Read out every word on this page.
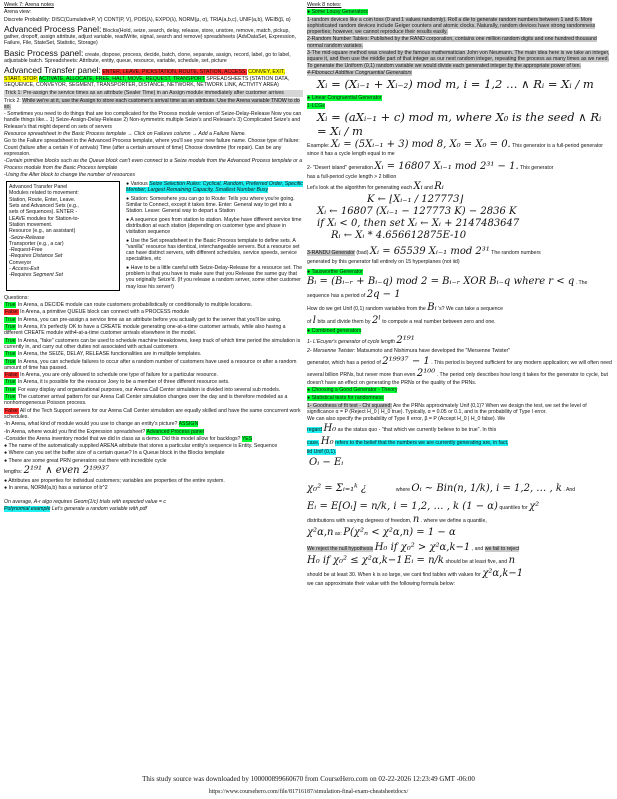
Week 7: Arena notes
Arena view:
Discrete Probability: DISC(CumulativeP, V) CONT(P, V), POIS(λ), EXPO(λ), NORM(μ, σ), TRIA(a,b,c), UNIF(a,b), WEIB(β, α)
Advanced Process Panel: Blocks(Hold, seize, search, delay, release, store, unstore, remove, match, pickup, gather, dropoff, assign attribute, adjust variable, readWrite, signal, search and remove) spreadsheets (AdvDataSet, Expression, Failure, File, StateSet, Statistic, Storage)
Basic Process panel: create, dispose, process, decide, batch, clone, separate, assign, record, label, go to label, adjustable batch. Spreadsheets: Attribute, entity, queue, resource, variable, schedule, set, picture
Advanced Transfer panel: ENTER, LEAVE, PICKSTATION, ROUTE, STATION, ACCESS, CONVEY, EXIT, START, STOP, ACTIVATE, ALLOCATE, FREE, HALT, MOVE, REQUEST, TRANSPORT SPREADSHEETS (STATION DATA, SEQUENCE, CONVEYOR, SEGMENT, TRANSPORTER, DISTANCE, NETWORK, NETWORK LINK, ACTIVITY AREA)
Trick 1: Pre-assign the service times as an attribute (Sealer Time) in an Assign module immediately after customer arrives
Trick 2: While we're at it, use the Assign to store each customer's arrival time as an attribute. Use the Arena variable TNOW to do so.
- Sometimes you need to do things that are too complicated for the Process module version of Seize-Delay-Release Now you can handle things like... 1) Seize-Assign-Delay-Release 2) Non-symmetric multiple Seize's and Release's 3) Complicated Seize's and Release's that might depend on sets of servers
Resource spreadsheet in the Basic Process template → Click on Failures column → Add a Failure Name.
Go to the Failure spreadsheet in the Advanced Process template, where you'll see your new failure name. Choose type of failure: Count (failure after a certain # of arrivals) Time (after a certain amount of time) Choose downtime (for repair). Can be any expression.
-Certain primitive blocks such as the Queue block can't even connect to a Seize module from the Advanced Process template or a Process module from the Basic Process template
-Using the Alter block to change the number of resources
Advanced Transfer Panel
Modules related to movement:
Station, Route, Enter, Leave.
Sets and Advanced Sets (e.g.,
sets of Sequences). ENTER -
LEAVE modules for Station-to-
Station movement.
Resource (e.g., an assistant)
-Seize-Release
Transporter (e.g., a car)
-Request-Free
-Requires Distance Set
Conveyor
- Access-Exit
-Requires Segment Set
● Various Seize Selection Rules: Cyclical, Random, Preferred Order, Specific Member, Largest Remaining Capacity, Smallest Number Busy
● Station: Somewhere you can go to Route: Tells you where you're going. Similar to Connect, except it takes time. Enter: General way to get into a Station. Leave: General way to depart a Station
● A sequence goes from station to station. Maybe have different service time distribution at each station (depending on customer type and phase in visitation sequence
● Use the Set spreadsheet in the Basic Process template to define sets. A "vanilla" resource has identical, interchangeable servers. But a resource set can have distinct servers, with different schedules, service speeds, service specialities, etc
● Have to be a little careful with Seize-Delay-Release for a resource set. The problem is that you have to make sure that you Release the same guy that you originally Seize'd. (If you release a random server, some other customer may lose his server!)
Questions:
True In Arena, a DECIDE module can route customers probabilistically or conditionally to multiple locations.
False In Arena, a primitive QUEUE block can connect with a PROCESS module
True In Arena, you can pre-assign a service time as an attribute before you actually get to the server that you'll be using.
True In Arena, it's perfectly OK to have a CREATE module generating one-at-a-time customer arrivals, while also having a different CREATE module with4-at-a-time customer arrivals elsewhere in the model.
True In Arena, "fake" customers can be used to schedule machine breakdowns, keep track of which time period the simulation is currently in, and carry out other duties not associated with actual customers
True In Arena, the SEIZE, DELAY, RELEASE functionalities are in multiple templates.
True In Arena, you can schedule failures to occur after a random number of customers have used a resource or after a random amount of time has passed.
False In Arena, you are only allowed to schedule one type of failure for a particular resource.
True In Arena, it is possible for the resource Joey to be a member of three different resource sets.
True For easy display and organizational purposes, our Arena Call Center simulation is divided into several sub models.
True The customer arrival pattern for our Arena Call Center simulation changes over the day and is therefore modeled as a nonhomogeneous Poisson process.
False All of the Tech Support servers for our Arena Call Center simulation are equally skilled and have the same concurrent work schedules.
-In Arena, what kind of module would you use to change an entity's picture? ASSIGN
-In Arena, where would you find the Expression spreadsheet? Advanced Process panel
-Consider the Arena inventory model that we did in class as a demo. Did this model allow for backlogs? YES
● The name of the automatically supplied ARENA attribute that stores a particular entity's sequence is Entity. Sequence
● Where can you set the buffer size of a certain queue? In a Queue block in the Blocks template
● There are some great PRN generators out there with incredible cycle
lengths: 2¹⁹¹ ∧ even 2¹⁹⁹³⁷
● Attributes are properties for individual customers; variables are properties of the entire system.
● In arena, NORM(a,b) has a variance of b^2
On average, A-r algo requires Geom(1/c) trials with expected value = c
Polynomial example Let's generate a random variable with pdf
Week 8 notes:
● Some Lousy Generators
1-random devices like a coin toss (0 and 1 values randomly). Roll a die to generate random numbers between 1 and 6. More sophisticated random devices include Geiger counters and atomic clocks. Naturally, random devices have strong randomness properties; however, we cannot reproduce their results easily.
2-Random Number Tables: Published by the RAND corporation, contains one million random digits and one hundred thousand normal random variates.
3-The mid-square method was created by the famous mathematician John von Neumann. The main idea here is we take an integer, square it, and then use the middle part of that integer as our next random integer, repeating the process as many times as we need. To generate the Uniform (0,1) random variable we would divide each generated integer by the appropriate power of ten.
4-Fibonacci Additive Congruential Generators
Xᵢ = (Xᵢ₋₁ + Xᵢ₋₂) mod m, i = 1,2 … ∧ Rᵢ = Xᵢ / m
● Linear Congruential Generator
1-LCGs
Xᵢ = (aXᵢ₋₁ + c) mod m, where X₀ is the seed ∧ Rᵢ = Xᵢ / m
Example: Xᵢ = (5Xᵢ₋₁ + 3) mod 8, X₀ = X₀ = 0. This generator is a full-period generator since it has a cycle length equal to me
2- "Desert island" generation Xᵢ = 16807 Xᵢ₋₁ mod 2³¹ − 1. This generator
has a full-period cycle length > 2 billion
Let's look at the algorithm for generating each Xᵢ and Rᵢ
K ← ⌊Xᵢ₋₁ / 127773⌋
Xᵢ ← 16807 (Xᵢ₋₁ − 127773 K) − 2836 K
if Xᵢ < 0, then set Xᵢ ← Xᵢ + 2147483647
Rᵢ ← Xᵢ * 4.656612875E-10
3-RANDU Generator (bad) Xᵢ = 65539 Xᵢ₋₁ mod 2³¹ The random numbers
generated by this generator fall entirely on 15 hyperplanes (not iid)
● Tausworthe Generator
Bᵢ = (Bᵢ₋ᵣ + Bᵢ₋q) mod 2 = Bᵢ₋ᵣ XOR Bᵢ₋q where r < q . The
sequence has a period of 2q − 1
How do we get Unif (0,1) random variables from the Bᵢ 's? We can take a sequence
of l bits and divide them by 2ˡ to compute a real number between zero and one.
● Combined generators
1- L'Ecuyer's generator of cycle length 2¹⁹¹
2- Mersenne Twister: Matsumoto and Nishimura have developed the "Mersenne Twister"
generator, which has a period of 2¹⁹⁹³⁷ − 1 . This period is beyond sufficient for any modern application; we will often need several billion PRNs, but never more than even 2¹⁰⁰ . The period only describes how long it takes for the generator to cycle, but doesn't have an effect on generating the PRNs or the quality of the PRNs.
● Choosing a Good Generator - Theory
● Statistical tests for randomness
1- Goodness of fit test - Chi squared: Are the PRNs approximately Unif (0,1)? When we design the test, we set the level of significance α = P (Reject H_0 | H_0 true). Typically, α = 0.05 or 0.1, and is the probability of Type I error.
We can also specify the probability of Type II error, β = P (Accept H_0 | H_0 false). We
regard H₀ as the status quo - "that which we currently believe to be true". In this
case, H₀ refers to the belief that the numbers we are currently generating are, in fact,
iid Unif (0,1).
Oᵢ − Eᵢ
χ₀² = Σᵢ₌₁ᵏ ¿	where Oᵢ ~ Bin(n, 1/k), i = 1,2, … , k . And
Eᵢ = E[Oᵢ] = n/k, i = 1,2, … , k (1 − α) quantiles for χ²
distributions with varying degrees of freedom, n . where we define a quantile,
χ²α,n as: P(χ²ₙ < χ²α,n) = 1 − α
We reject the null hypothesis H₀ if χ₀² > χ²α,k−1 , and we fail to reject
H₀ if χ₀² ≤ χ²α,k−1 Eᵢ = n/k should be at least five, and n
should be at least 30. When k is so large, we cant find tables with values for χ²α,k−1
we can approximate their value with the following formula below:
This study source was downloaded by 100000899660670 from CourseHero.com on 02-22-2026 12:23:49 GMT -06:00
https://www.coursehero.com/file/81716187/simulation-final-exam-cheatsheetdocx/
